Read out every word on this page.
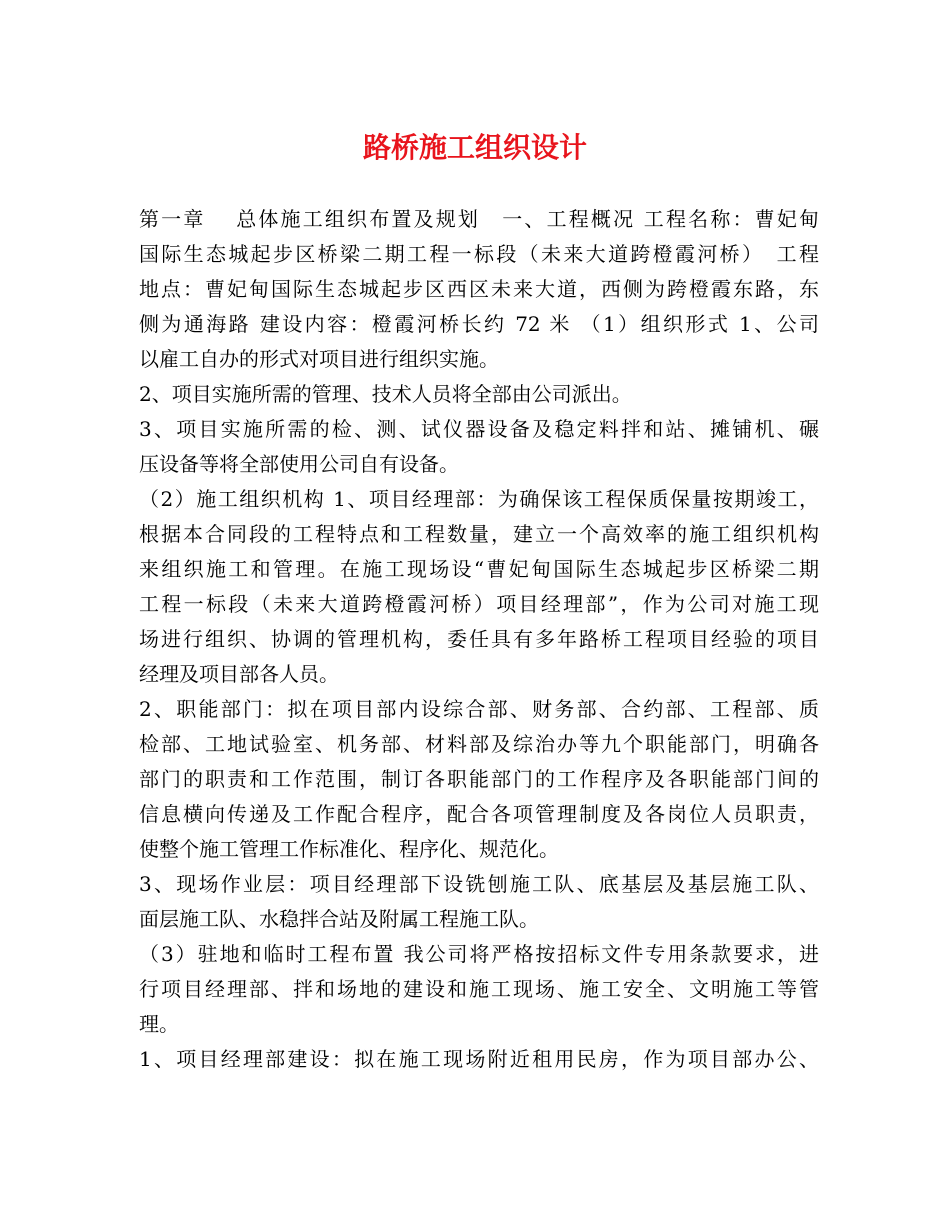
路桥施工组织设计
第一章　 总体施工组织布置及规划　一、工程概况 工程名称：曹妃甸
国际生态城起步区桥梁二期工程一标段（未来大道跨橙霞河桥）　工程
地点：曹妃甸国际生态城起步区西区未来大道，西侧为跨橙霞东路，东
侧为通海路 建设内容：橙霞河桥长约 72 米 （1）组织形式 1、公司
以雇工自办的形式对项目进行组织实施。
2、项目实施所需的管理、技术人员将全部由公司派出。
3、项目实施所需的检、测、试仪器设备及稳定料拌和站、摊铺机、碾
压设备等将全部使用公司自有设备。
（2）施工组织机构 1、项目经理部：为确保该工程保质保量按期竣工，
根据本合同段的工程特点和工程数量，建立一个高效率的施工组织机构
来组织施工和管理。在施工现场设“曹妃甸国际生态城起步区桥梁二期
工程一标段（未来大道跨橙霞河桥）项目经理部”，作为公司对施工现
场进行组织、协调的管理机构，委任具有多年路桥工程项目经验的项目
经理及项目部各人员。
2、职能部门：拟在项目部内设综合部、财务部、合约部、工程部、质
检部、工地试验室、机务部、材料部及综治办等九个职能部门，明确各
部门的职责和工作范围，制订各职能部门的工作程序及各职能部门间的
信息横向传递及工作配合程序，配合各项管理制度及各岗位人员职责，
使整个施工管理工作标准化、程序化、规范化。
3、现场作业层：项目经理部下设铣刨施工队、底基层及基层施工队、
面层施工队、水稳拌合站及附属工程施工队。
（3）驻地和临时工程布置 我公司将严格按招标文件专用条款要求，进
行项目经理部、拌和场地的建设和施工现场、施工安全、文明施工等管
理。
1、项目经理部建设：拟在施工现场附近租用民房，作为项目部办公、
